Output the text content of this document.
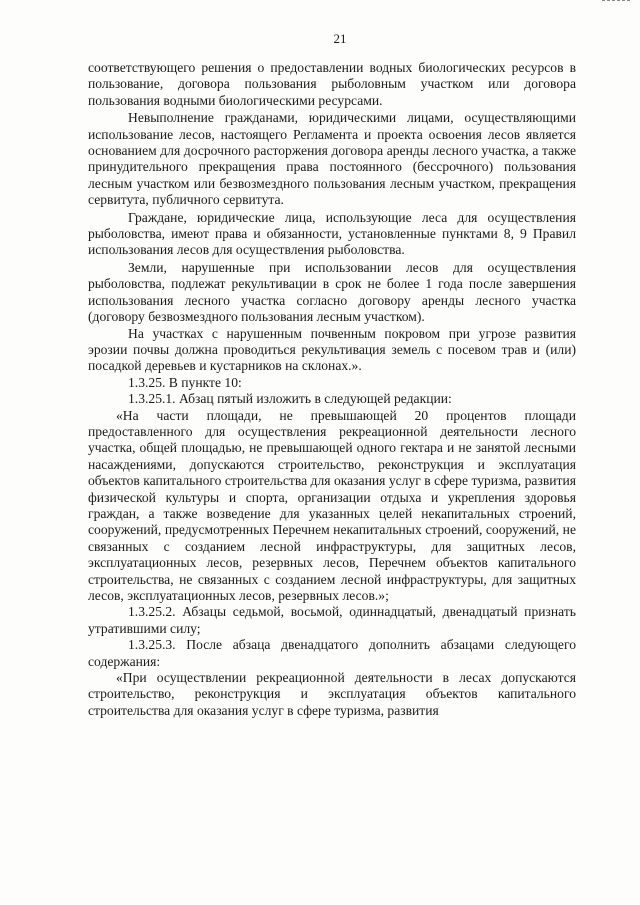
21

соответствующего решения о предоставлении водных биологических ресурсов в пользование, договора пользования рыболовным участком или договора пользования водными биологическими ресурсами.

Невыполнение гражданами, юридическими лицами, осуществляющими использование лесов, настоящего Регламента и проекта освоения лесов является основанием для досрочного расторжения договора аренды лесного участка, а также принудительного прекращения права постоянного (бессрочного) пользования лесным участком или безвозмездного пользования лесным участком, прекращения сервитута, публичного сервитута.

Граждане, юридические лица, использующие леса для осуществления рыболовства, имеют права и обязанности, установленные пунктами 8, 9 Правил использования лесов для осуществления рыболовства.

Земли, нарушенные при использовании лесов для осуществления рыболовства, подлежат рекультивации в срок не более 1 года после завершения использования лесного участка согласно договору аренды лесного участка (договору безвозмездного пользования лесным участком).

На участках с нарушенным почвенным покровом при угрозе развития эрозии почвы должна проводиться рекультивация земель с посевом трав и (или) посадкой деревьев и кустарников на склонах.».

1.3.25. В пункте 10:

1.3.25.1. Абзац пятый изложить в следующей редакции:

«На части площади, не превышающей 20 процентов площади предоставленного для осуществления рекреационной деятельности лесного участка, общей площадью, не превышающей одного гектара и не занятой лесными насаждениями, допускаются строительство, реконструкция и эксплуатация объектов капитального строительства для оказания услуг в сфере туризма, развития физической культуры и спорта, организации отдыха и укрепления здоровья граждан, а также возведение для указанных целей некапитальных строений, сооружений, предусмотренных Перечнем некапитальных строений, сооружений, не связанных с созданием лесной инфраструктуры, для защитных лесов, эксплуатационных лесов, резервных лесов, Перечнем объектов капитального строительства, не связанных с созданием лесной инфраструктуры, для защитных лесов, эксплуатационных лесов, резервных лесов.»;

1.3.25.2. Абзацы седьмой, восьмой, одиннадцатый, двенадцатый признать утратившими силу;

1.3.25.3. После абзаца двенадцатого дополнить абзацами следующего содержания:

«При осуществлении рекреационной деятельности в лесах допускаются строительство, реконструкция и эксплуатация объектов капитального строительства для оказания услуг в сфере туризма, развития
